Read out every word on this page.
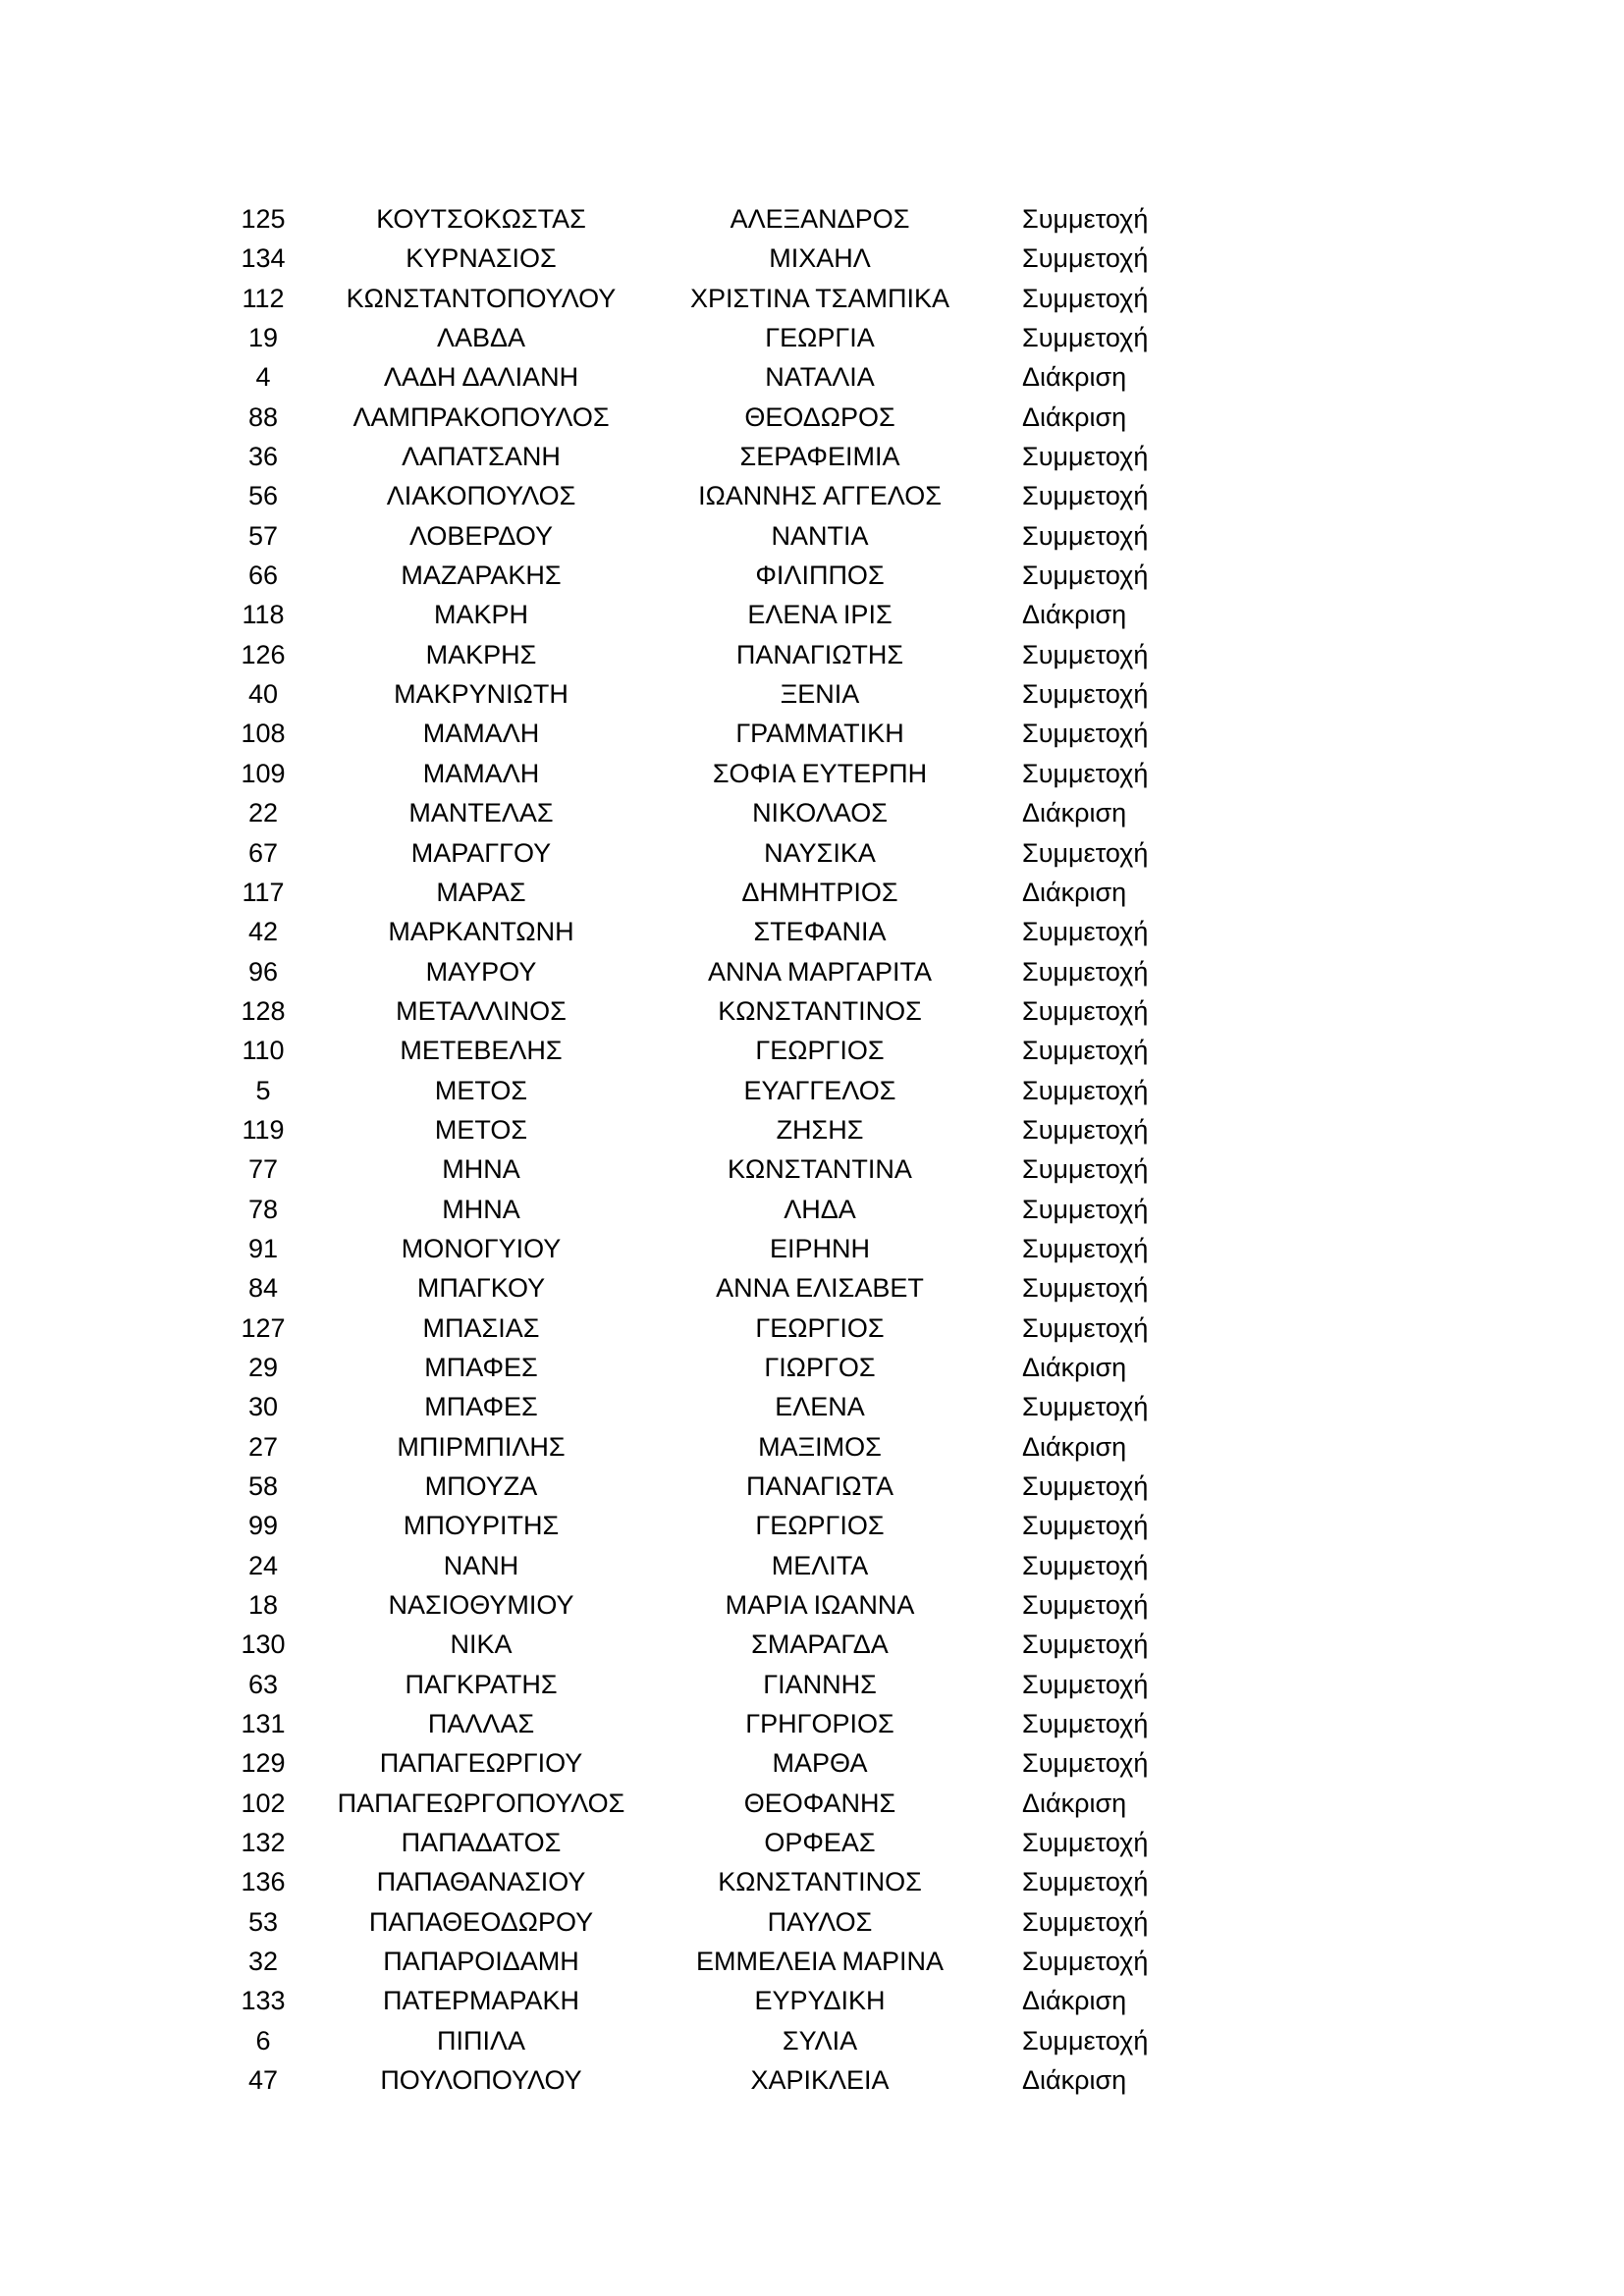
125	ΚΟΥΤΣΟΚΩΣΤΑΣ	ΑΛΕΞΑΝΔΡΟΣ	Συμμετοχή
134	ΚΥΡΝΑΣΙΟΣ	ΜΙΧΑΗΛ	Συμμετοχή
112	ΚΩΝΣΤΑΝΤΟΠΟΥΛΟΥ	ΧΡΙΣΤΙΝΑ ΤΣΑΜΠΙΚΑ	Συμμετοχή
19	ΛΑΒΔΑ	ΓΕΩΡΓΙΑ	Συμμετοχή
4	ΛΑΔΗ ΔΑΛΙΑΝΗ	ΝΑΤΑΛΙΑ	Διάκριση
88	ΛΑΜΠΡΑΚΟΠΟΥΛΟΣ	ΘΕΟΔΩΡΟΣ	Διάκριση
36	ΛΑΠΑΤΣΑΝΗ	ΣΕΡΑΦΕΙΜΙΑ	Συμμετοχή
56	ΛΙΑΚΟΠΟΥΛΟΣ	ΙΩΑΝΝΗΣ ΑΓΓΕΛΟΣ	Συμμετοχή
57	ΛΟΒΕΡΔΟΥ	ΝΑΝΤΙΑ	Συμμετοχή
66	ΜΑΖΑΡΑΚΗΣ	ΦΙΛΙΠΠΟΣ	Συμμετοχή
118	ΜΑΚΡΗ	ΕΛΕΝΑ ΙΡΙΣ	Διάκριση
126	ΜΑΚΡΗΣ	ΠΑΝΑΓΙΩΤΗΣ	Συμμετοχή
40	ΜΑΚΡΥΝΙΩΤΗ	ΞΕΝΙΑ	Συμμετοχή
108	ΜΑΜΑΛΗ	ΓΡΑΜΜΑΤΙΚΗ	Συμμετοχή
109	ΜΑΜΑΛΗ	ΣΟΦΙΑ ΕΥΤΕΡΠΗ	Συμμετοχή
22	ΜΑΝΤΕΛΑΣ	ΝΙΚΟΛΑΟΣ	Διάκριση
67	ΜΑΡΑΓΓΟΥ	ΝΑΥΣΙΚΑ	Συμμετοχή
117	ΜΑΡΑΣ	ΔΗΜΗΤΡΙΟΣ	Διάκριση
42	ΜΑΡΚΑΝΤΩΝΗ	ΣΤΕΦΑΝΙΑ	Συμμετοχή
96	ΜΑΥΡΟΥ	ΑΝΝΑ ΜΑΡΓΑΡΙΤΑ	Συμμετοχή
128	ΜΕΤΑΛΛΙΝΟΣ	ΚΩΝΣΤΑΝΤΙΝΟΣ	Συμμετοχή
110	ΜΕΤΕΒΕΛΗΣ	ΓΕΩΡΓΙΟΣ	Συμμετοχή
5	ΜΕΤΟΣ	ΕΥΑΓΓΕΛΟΣ	Συμμετοχή
119	ΜΕΤΟΣ	ΖΗΣΗΣ	Συμμετοχή
77	ΜΗΝΑ	ΚΩΝΣΤΑΝΤΙΝΑ	Συμμετοχή
78	ΜΗΝΑ	ΛΗΔΑ	Συμμετοχή
91	ΜΟΝΟΓΥΙΟΥ	ΕΙΡΗΝΗ	Συμμετοχή
84	ΜΠΑΓΚΟΥ	ΑΝΝΑ ΕΛΙΣΑΒΕΤ	Συμμετοχή
127	ΜΠΑΣΙΑΣ	ΓΕΩΡΓΙΟΣ	Συμμετοχή
29	ΜΠΑΦΕΣ	ΓΙΩΡΓΟΣ	Διάκριση
30	ΜΠΑΦΕΣ	ΕΛΕΝΑ	Συμμετοχή
27	ΜΠΙΡΜΠΙΛΗΣ	ΜΑΞΙΜΟΣ	Διάκριση
58	ΜΠΟΥΖΑ	ΠΑΝΑΓΙΩΤΑ	Συμμετοχή
99	ΜΠΟΥΡΙΤΗΣ	ΓΕΩΡΓΙΟΣ	Συμμετοχή
24	ΝΑΝΗ	ΜΕΛΙΤΑ	Συμμετοχή
18	ΝΑΣΙΟΘΥΜΙΟΥ	ΜΑΡΙΑ ΙΩΑΝΝΑ	Συμμετοχή
130	ΝΙΚΑ	ΣΜΑΡΑΓΔΑ	Συμμετοχή
63	ΠΑΓΚΡΑΤΗΣ	ΓΙΑΝΝΗΣ	Συμμετοχή
131	ΠΑΛΛΑΣ	ΓΡΗΓΟΡΙΟΣ	Συμμετοχή
129	ΠΑΠΑΓΕΩΡΓΙΟΥ	ΜΑΡΘΑ	Συμμετοχή
102	ΠΑΠΑΓΕΩΡΓΟΠΟΥΛΟΣ	ΘΕΟΦΑΝΗΣ	Διάκριση
132	ΠΑΠΑΔΑΤΟΣ	ΟΡΦΕΑΣ	Συμμετοχή
136	ΠΑΠΑΘΑΝΑΣΙΟΥ	ΚΩΝΣΤΑΝΤΙΝΟΣ	Συμμετοχή
53	ΠΑΠΑΘΕΟΔΩΡΟΥ	ΠΑΥΛΟΣ	Συμμετοχή
32	ΠΑΠΑΡΟΙΔΑΜΗ	ΕΜΜΕΛΕΙΑ ΜΑΡΙΝΑ	Συμμετοχή
133	ΠΑΤΕΡΜΑΡΑΚΗ	ΕΥΡΥΔΙΚΗ	Διάκριση
6	ΠΙΠΙΛΑ	ΣΥΛΙΑ	Συμμετοχή
47	ΠΟΥΛΟΠΟΥΛΟΥ	ΧΑΡΙΚΛΕΙΑ	Διάκριση
